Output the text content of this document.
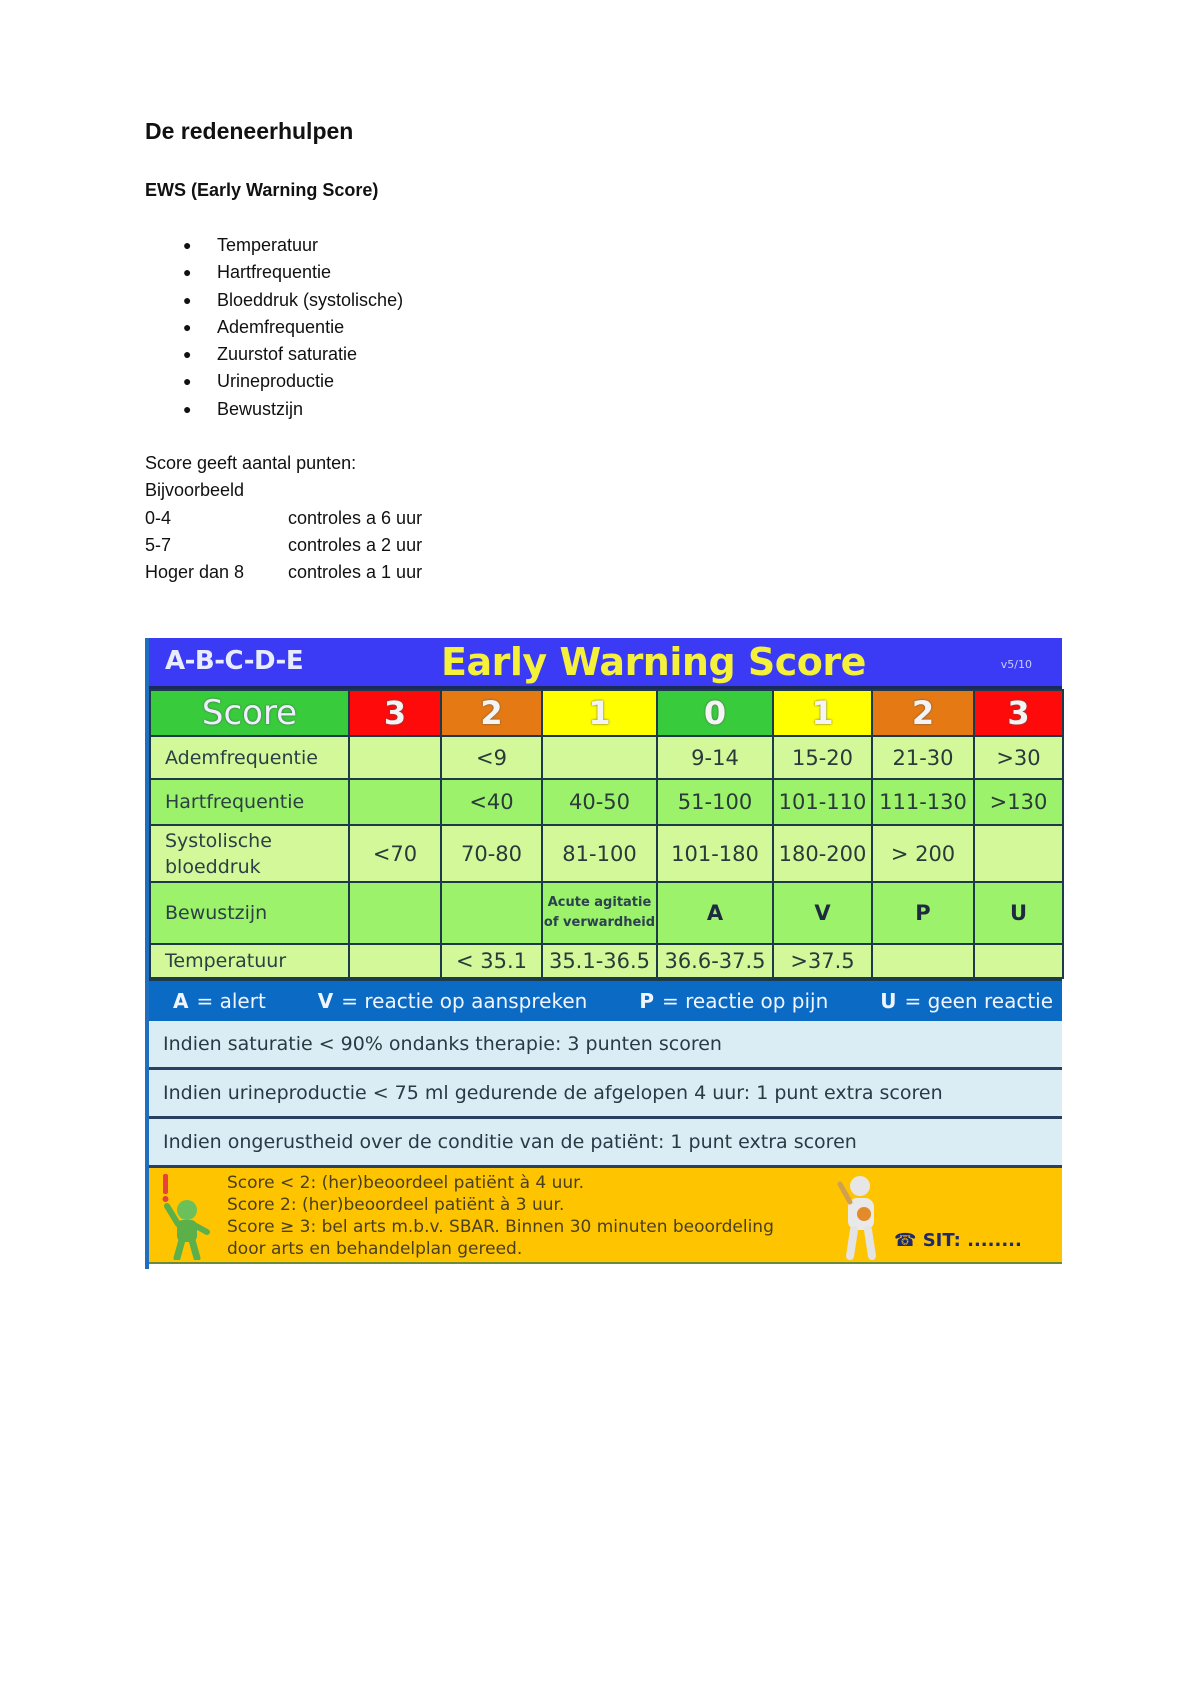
De redeneerhulpen
EWS (Early Warning Score)
●	Temperatuur
●	Hartfrequentie
●	Bloeddruk (systolische)
●	Ademfrequentie
●	Zuurstof saturatie
●	Urineproductie
●	Bewustzijn
Score geeft aantal punten:
Bijvoorbeeld
0-4	controles a 6 uur
5-7	controles a 2 uur
Hoger dan 8	controles a 1 uur
A-B-C-D-E	Early Warning Score	v5/10
Score	3	2	1	0	1	2	3
Ademfrequentie		<9		9-14	15-20	21-30	>30
Hartfrequentie		<40	40-50	51-100	101-110	111-130	>130
Systolische bloeddruk	<70	70-80	81-100	101-180	180-200	> 200	
Bewustzijn			Acute agitatie of verwardheid	A	V	P	U
Temperatuur		< 35.1	35.1-36.5	36.6-37.5	>37.5		
A = alert	V = reactie op aanspreken	P = reactie op pijn	U = geen reactie
Indien saturatie < 90% ondanks therapie: 3 punten scoren
Indien urineproductie < 75 ml gedurende de afgelopen 4 uur: 1 punt extra scoren
Indien ongerustheid over de conditie van de patiënt: 1 punt extra scoren
Score < 2: (her)beoordeel patiënt à 4 uur.
Score 2: (her)beoordeel patiënt à 3 uur.
Score ≥ 3: bel arts m.b.v. SBAR. Binnen 30 minuten beoordeling
door arts en behandelplan gereed.	☎ SIT: ........
